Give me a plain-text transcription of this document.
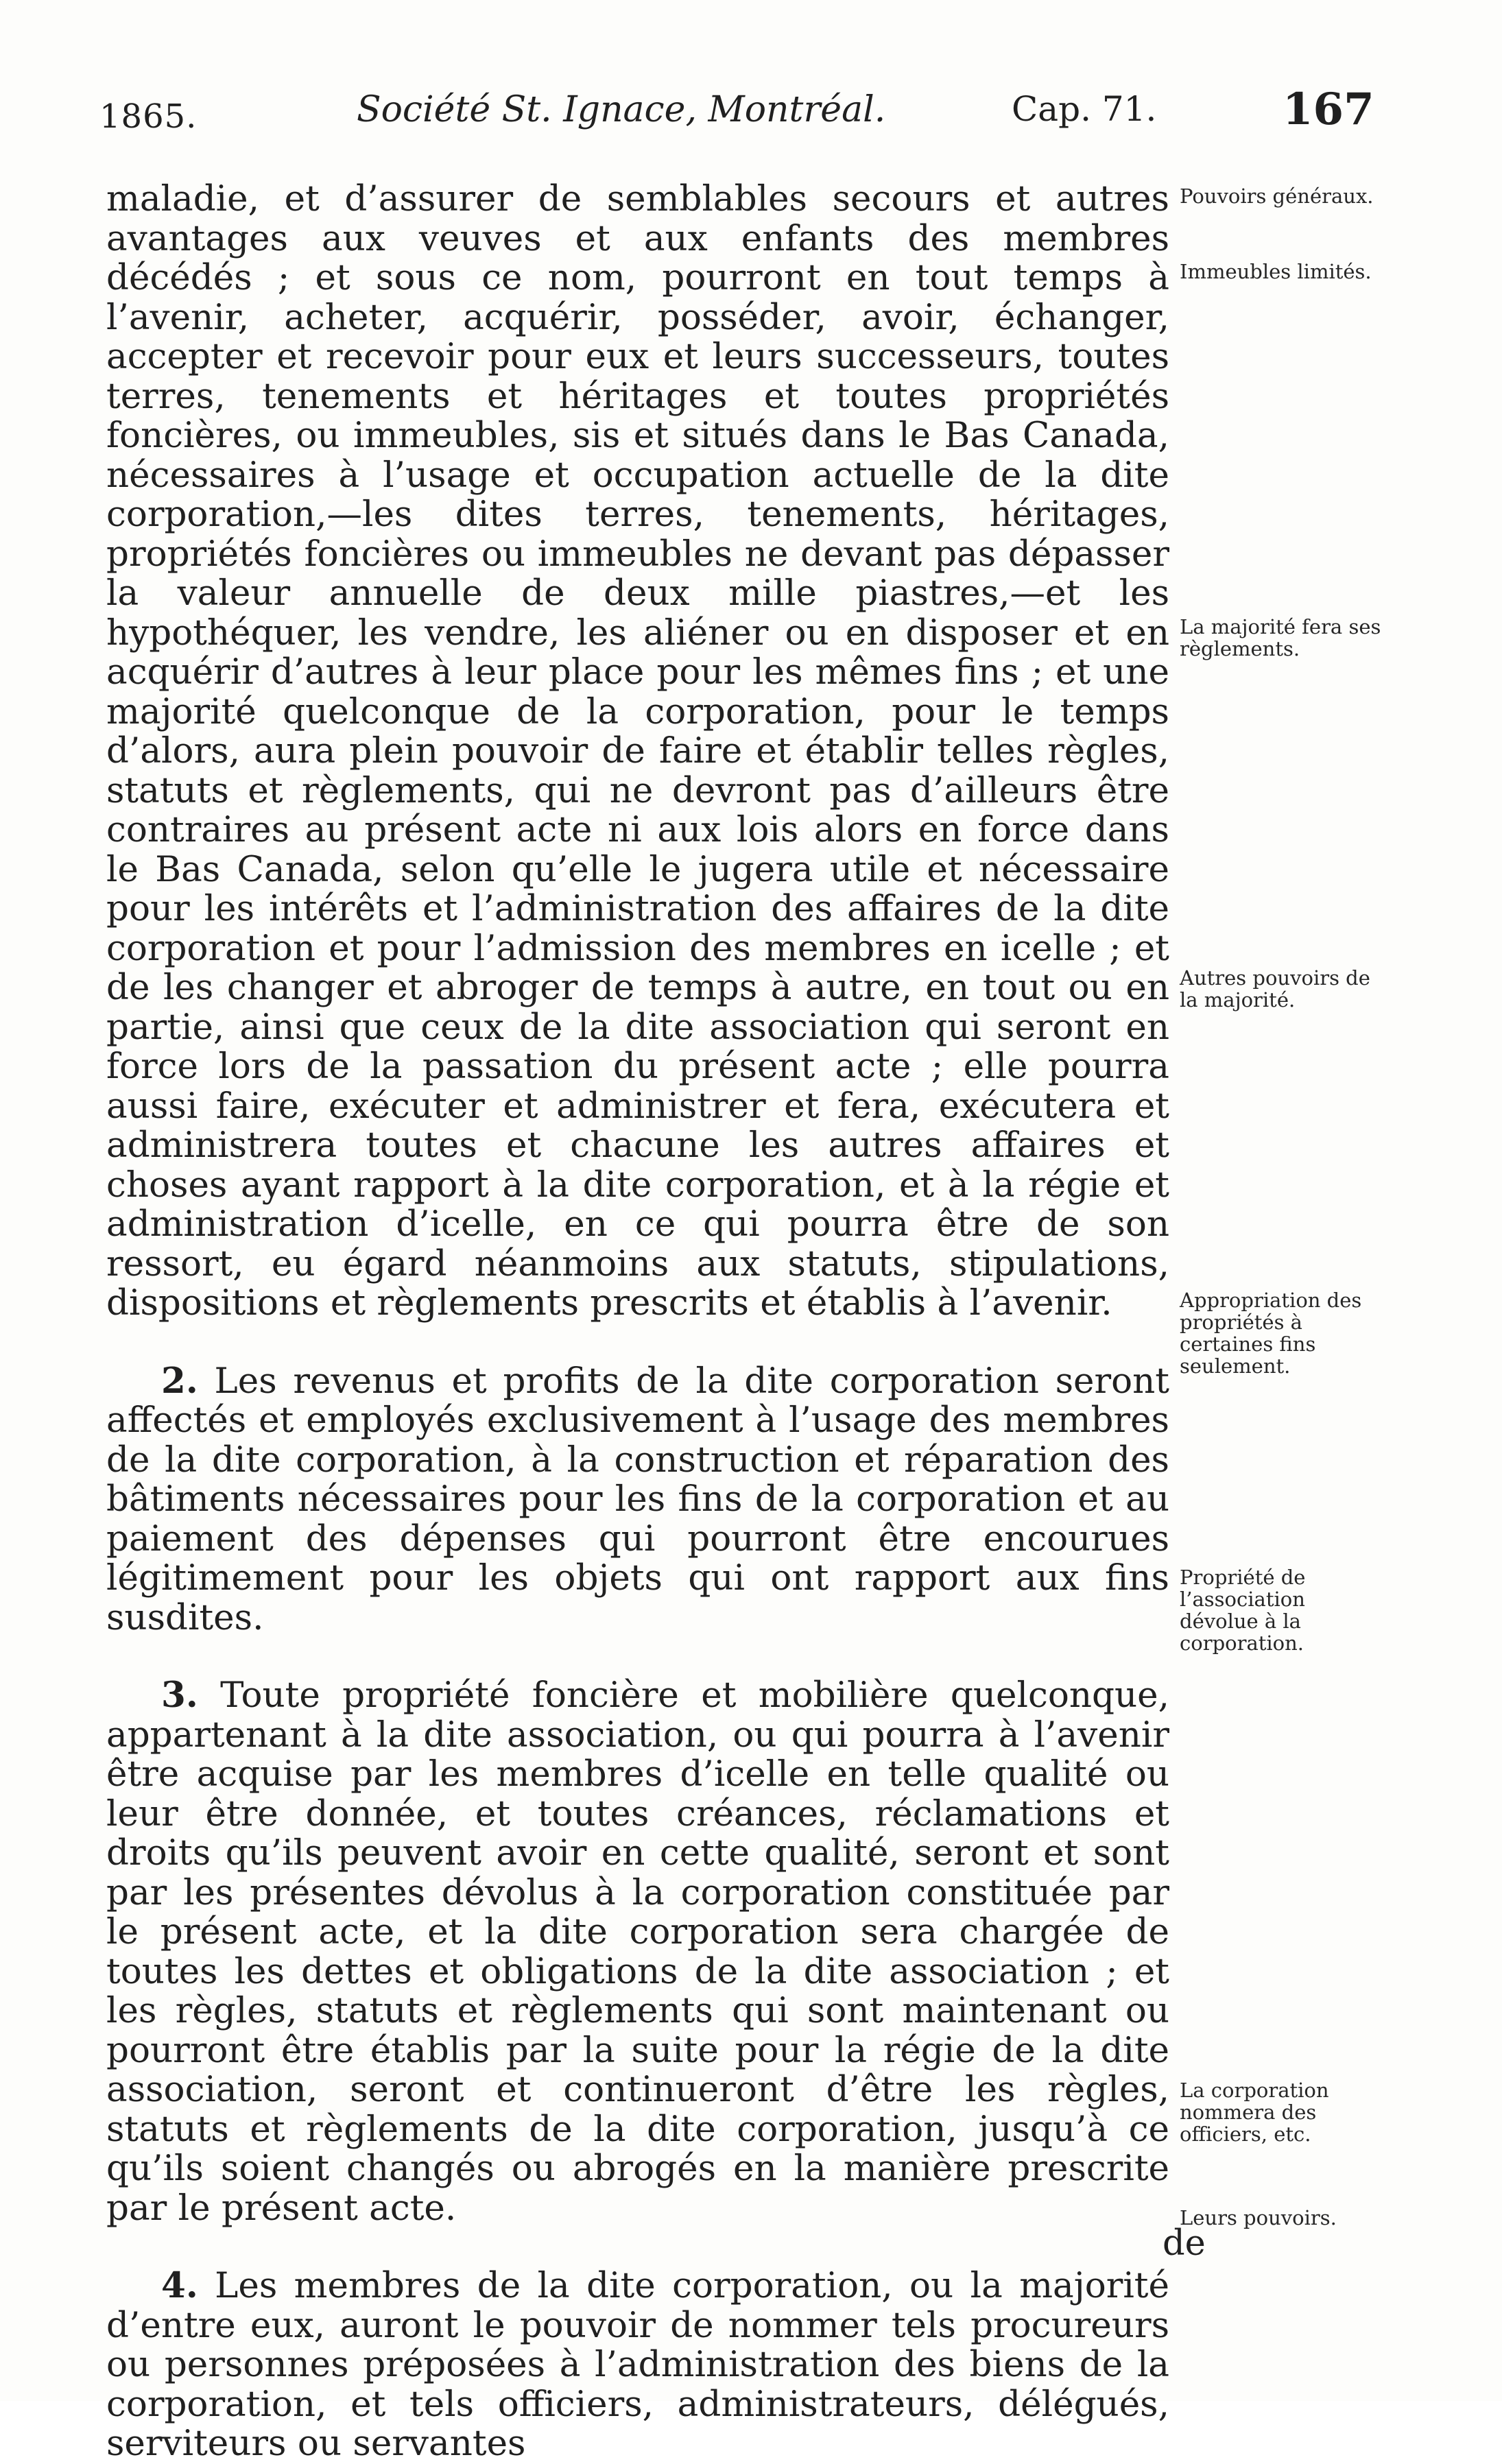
1865.	Société St. Ignace, Montréal.	Cap. 71.	167

maladie, et d’assurer de semblables secours et autres avantages aux veuves et aux enfants des membres décédés ; et sous ce nom, pourront en tout temps à l’avenir, acheter, acquérir, posséder, avoir, échanger, accepter et recevoir pour eux et leurs successeurs, toutes terres, tenements et héritages et toutes propriétés foncières, ou immeubles, sis et situés dans le Bas Canada, nécessaires à l’usage et occupation actuelle de la dite corporation,—les dites terres, tenements, héritages, propriétés foncières ou immeubles ne devant pas dépasser la valeur annuelle de deux mille piastres,—et les hypothéquer, les vendre, les aliéner ou en disposer et en acquérir d’autres à leur place pour les mêmes fins ; et une majorité quelconque de la corporation, pour le temps d’alors, aura plein pouvoir de faire et établir telles règles, statuts et règlements, qui ne devront pas d’ailleurs être contraires au présent acte ni aux lois alors en force dans le Bas Canada, selon qu’elle le jugera utile et nécessaire pour les intérêts et l’administration des affaires de la dite corporation et pour l’admission des membres en icelle ; et de les changer et abroger de temps à autre, en tout ou en partie, ainsi que ceux de la dite association qui seront en force lors de la passation du présent acte ; elle pourra aussi faire, exécuter et administrer et fera, exécutera et administrera toutes et chacune les autres affaires et choses ayant rapport à la dite corporation, et à la régie et administration d’icelle, en ce qui pourra être de son ressort, eu égard néanmoins aux statuts, stipulations, dispositions et règlements prescrits et établis à l’avenir.

2. Les revenus et profits de la dite corporation seront affectés et employés exclusivement à l’usage des membres de la dite corporation, à la construction et réparation des bâtiments nécessaires pour les fins de la corporation et au paiement des dépenses qui pourront être encourues légitimement pour les objets qui ont rapport aux fins susdites.

3. Toute propriété foncière et mobilière quelconque, appartenant à la dite association, ou qui pourra à l’avenir être acquise par les membres d’icelle en telle qualité ou leur être donnée, et toutes créances, réclamations et droits qu’ils peuvent avoir en cette qualité, seront et sont par les présentes dévolus à la corporation constituée par le présent acte, et la dite corporation sera chargée de toutes les dettes et obligations de la dite association ; et les règles, statuts et règlements qui sont maintenant ou pourront être établis par la suite pour la régie de la dite association, seront et continueront d’être les règles, statuts et règlements de la dite corporation, jusqu’à ce qu’ils soient changés ou abrogés en la manière prescrite par le présent acte.

4. Les membres de la dite corporation, ou la majorité d’entre eux, auront le pouvoir de nommer tels procureurs ou personnes préposées à l’administration des biens de la corporation, et tels officiers, administrateurs, délégués, serviteurs ou servantes

de
Pouvoirs généraux.
Immeubles limités.
La majorité fera ses règlements.
Autres pouvoirs de la majorité.
Appropriation des propriétés à certaines fins seulement.
Propriété de l’association dévolue à la corporation.
La corporation nommera des officiers, etc.
Leurs pouvoirs.
